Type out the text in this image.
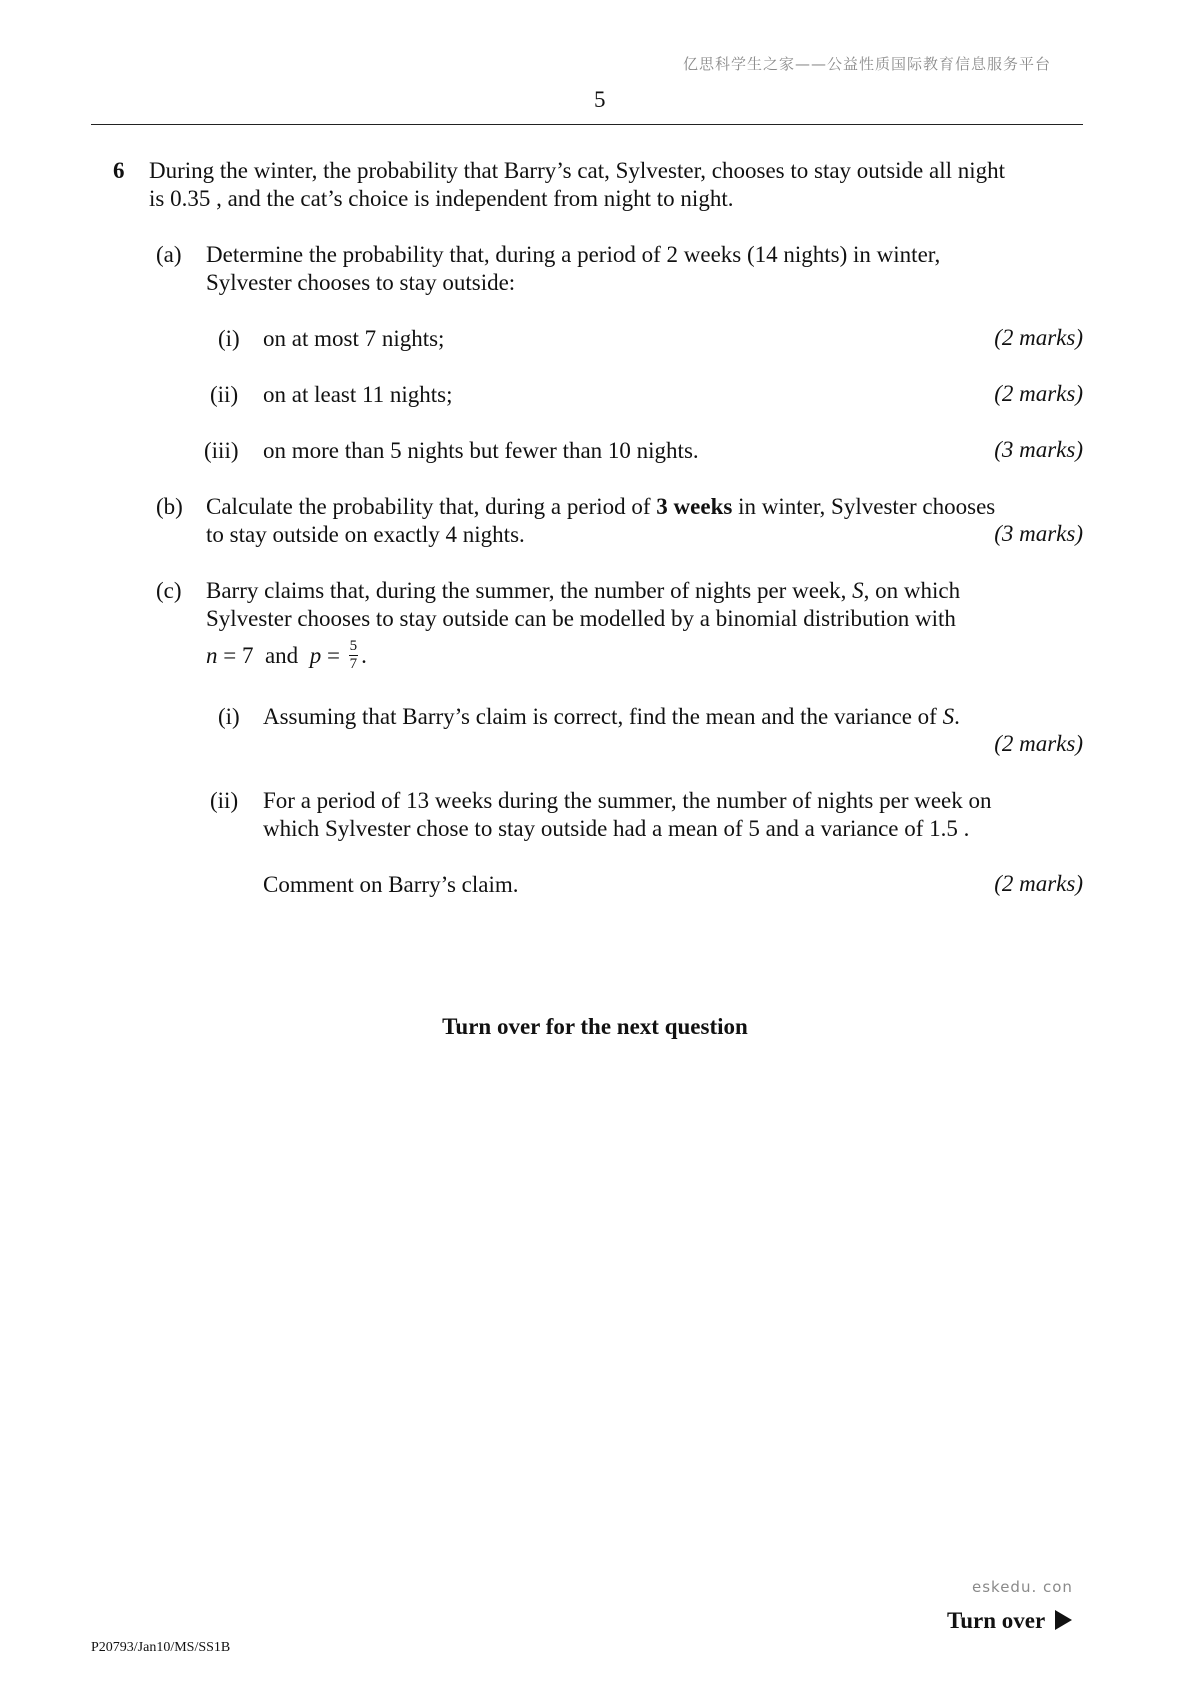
亿思科学生之家——公益性质国际教育信息服务平台
5
6 During the winter, the probability that Barry’s cat, Sylvester, chooses to stay outside all night
is 0.35 , and the cat’s choice is independent from night to night.
(a) Determine the probability that, during a period of 2 weeks (14 nights) in winter,
Sylvester chooses to stay outside:
(i) on at most 7 nights;	(2 marks)
(ii) on at least 11 nights;	(2 marks)
(iii) on more than 5 nights but fewer than 10 nights.	(3 marks)
(b) Calculate the probability that, during a period of 3 weeks in winter, Sylvester chooses
to stay outside on exactly 4 nights.	(3 marks)
(c) Barry claims that, during the summer, the number of nights per week, S, on which
Sylvester chooses to stay outside can be modelled by a binomial distribution with
n = 7  and  $p = \frac{5}{7}$ .
(i) Assuming that Barry’s claim is correct, find the mean and the variance of S.
(2 marks)
(ii) For a period of 13 weeks during the summer, the number of nights per week on
which Sylvester chose to stay outside had a mean of 5 and a variance of 1.5 .
Comment on Barry’s claim.	(2 marks)
Turn over for the next question
eskedu. con
Turn over
P20793/Jan10/MS/SS1B
